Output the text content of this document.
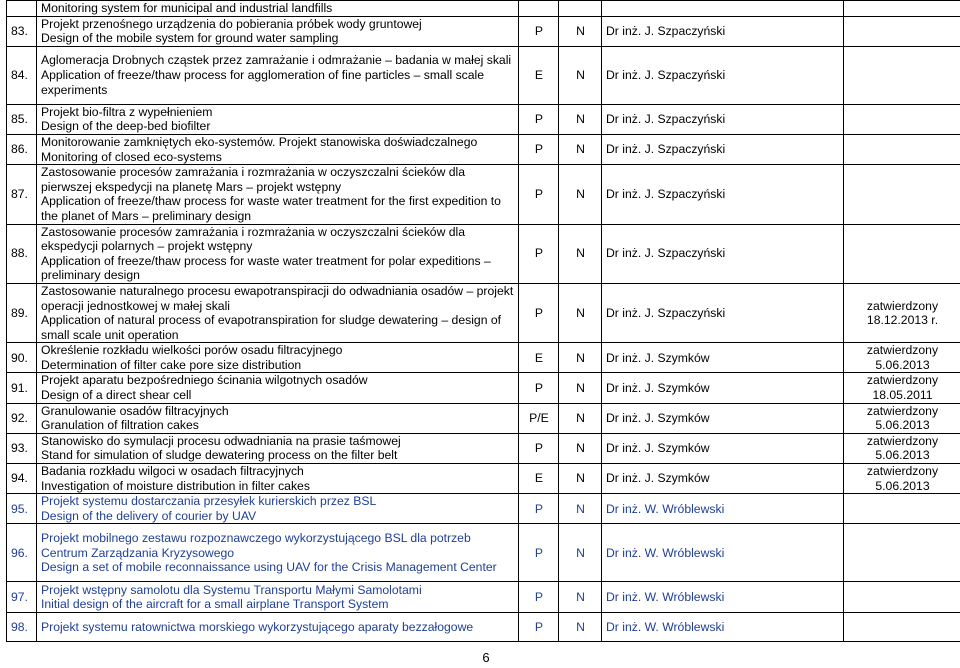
	Monitoring system for municipal and industrial landfills				

83.	Projekt przenośnego urządzenia do pobierania próbek wody gruntowej
Design of the mobile system for ground water sampling	P	N	Dr inż. J. Szpaczyński	
84.	Aglomeracja Drobnych cząstek przez zamrażanie i odmrażanie – badania w małej skali
Application of freeze/thaw process for agglomeration of fine particles – small scale experiments	E	N	Dr inż. J. Szpaczyński	
85.	Projekt bio-filtra z wypełnieniem
Design of the deep-bed biofilter	P	N	Dr inż. J. Szpaczyński	
86.	Monitorowanie zamkniętych eko-systemów. Projekt stanowiska doświadczalnego
Monitoring of closed eco-systems	P	N	Dr inż. J. Szpaczyński	
87.	Zastosowanie procesów zamrażania i rozmrażania w oczyszczalni ścieków dla pierwszej ekspedycji na planetę Mars – projekt wstępny
Application of freeze/thaw process for waste water treatment for the first expedition to the planet of Mars – preliminary design	P	N	Dr inż. J. Szpaczyński	
88.	Zastosowanie procesów zamrażania i rozmrażania w oczyszczalni ścieków dla ekspedycji polarnych – projekt wstępny
Application of freeze/thaw process for waste water treatment for polar expeditions – preliminary design	P	N	Dr inż. J. Szpaczyński	
89.	Zastosowanie naturalnego procesu ewapotranspiracji do odwadniania osadów – projekt operacji jednostkowej w małej skali
Application of natural process of evapotranspiration for sludge dewatering – design of small scale unit operation	P	N	Dr inż. J. Szpaczyński	zatwierdzony 18.12.2013 r.
90.	Określenie rozkładu wielkości porów osadu filtracyjnego
Determination of filter cake pore size distribution	E	N	Dr inż. J. Szymków	zatwierdzony 5.06.2013
91.	Projekt aparatu bezpośredniego ścinania wilgotnych osadów
Design of a direct shear cell	P	N	Dr inż. J. Szymków	zatwierdzony 18.05.2011
92.	Granulowanie osadów filtracyjnych
Granulation of filtration cakes	P/E	N	Dr inż. J. Szymków	zatwierdzony 5.06.2013
93.	Stanowisko do symulacji procesu odwadniania na prasie taśmowej
Stand for simulation of sludge dewatering process on the filter belt	P	N	Dr inż. J. Szymków	zatwierdzony 5.06.2013
94.	Badania rozkładu wilgoci w osadach filtracyjnych
Investigation of moisture distribution in filter cakes	E	N	Dr inż. J. Szymków	zatwierdzony 5.06.2013
95.	Projekt systemu dostarczania przesyłek kurierskich przez BSL
Design of the delivery of courier by UAV	P	N	Dr inż. W. Wróblewski	
96.	Projekt mobilnego zestawu rozpoznawczego wykorzystującego BSL dla potrzeb Centrum Zarządzania Kryzysowego
Design a set of mobile reconnaissance using UAV for the Crisis Management Center	P	N	Dr inż. W. Wróblewski	
97.	Projekt wstępny samolotu dla Systemu Transportu Małymi Samolotami
Initial design of the aircraft for a small airplane Transport System	P	N	Dr inż. W. Wróblewski	
98.	Projekt systemu ratownictwa morskiego wykorzystującego aparaty bezzałogowe	P	N	Dr inż. W. Wróblewski	
6
